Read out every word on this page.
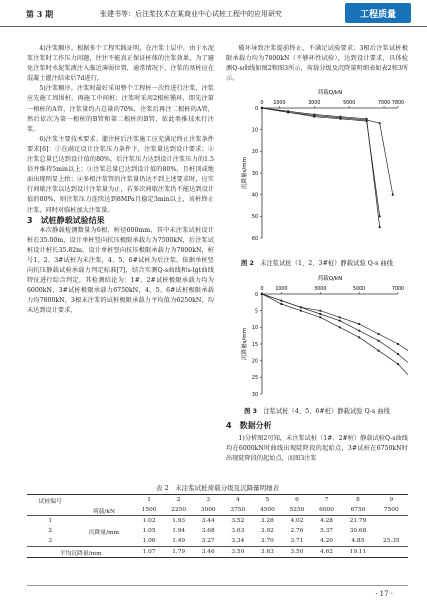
第 3 期	张建书等：后注浆技术在某商业中心试桩工程中的应用研究	工程质量

4)注浆顺序。根据多个工程实践证明，在注浆土层中，由于水泥浆注浆时工作压力问题，往往不能真正保证桩体的注浆效果，为了避免注浆时水泥浆液注入临近薄弱位置，通常情况下，注浆的基桩应在混凝土灌注结束后7d进行。

5)注浆顺序。注浆时最好采用整个工程桩一次性进行注浆，注浆应先施工周围桩，再施工中间桩；注浆时采用2根桩循环，即先注第一根桩的A管，注浆量约占总量的70%，注浆后再注二根桩的A管，然后依次为第一根桩的B管和第二根桩的B管，依此类推技术行注浆。

6)注浆主要技术要求。灌注桩后注浆施工应充满足终止注浆条件要求[6]：①在满足设计注浆压力条件下，注浆量达到设计要求；②注浆总量已达到设计值的80%，后注浆压力达到设计注浆压力的1.5倍并维持5min以上；③注浆总量已达到设计值的80%，且桩顶或地面出现明显上抬；④多根注浆管的注浆量仍达不到上述要求时，应实行间歇注浆以达到设计注浆量为止，若多次间歇注浆仍不能达到设计值的80%，则注浆压力连续达到8MPa且稳定3min以上，该桩终止注浆，同时对临桩加大注浆量。

3　试桩静载试验结果

本次静载检测数量为6根，桩径600mm，其中未注浆试桩设计桩长35.00m，设计单桩竖向抗压极限承载力为7500kN，后注浆试桩设计桩长35.82m，设计单桩竖向抗压极限承载力为7800kN，桩号1、2、3#试桩为未注浆，4、5、6#试桩为后注浆。依据单桩竖向抗压静载试验承载力判定标准[7]，结合实测Q-s曲线和s-lgt曲线特征进行综合判定，其检测结论为：1#、2#试桩极限承载力均为6000kN，3#试桩极限承载力6750kN，4、5、6#试桩极限承载力均7800kN，3根未注浆的试桩极限承载力平均值为6250kN，均未达到设计要求，

破坏导致注浆提前终止，不满足试验要求；3根后注浆试桩极限承载力均为7800kN（不够环性试验），达到设计要求，具体检测Q-s曲线如图2和图3所示，荷载分级及沉降量明细表如表2和3所示。

荷载Q/kN
0 1000	3000	5000	7000 7800
0
10
20
30
40
50
60
沉降量s/mm
图 2　 未注浆试桩（1、2、3#桩）静载试验 Q-s 曲线
荷载Q/kN
0 1000	3000	5000	7000
0
5
10
15
20
25
30
沉降量s/mm
图 3　 注浆试桩（4、5、6#桩）静载试验 Q-s 曲线
4　数据分析
1)分析图2可知，未注浆试桩（1#、2#桩）静载试验Q-s曲线均在6000kN时曲线出现陡降段的起始点，3#试桩在6750kN时出现陡降段的起始点，而图3注浆
表 2　未注浆试桩荷载分级及沉降量明细表
试桩编号		1	2	3	4	5	6	7	8	9
	荷载/kN	1500	2250	3000	3750	4500	5250	6000	6750	7500
1		1.02	1.93	3.44	3.52	3.28	4.02	4.28	21.79	
2	沉降量/mm	1.05	1.94	3.68	3.63	3.92	2.76	5.37	30.68	
3		1.06	1.49	3.27	3.34	3.70	3.71	4.20	4.85	25.35
平均沉降量/mm		1.07	1.79	3.46	3.50	3.63	3.50	4.62	19.11	
· 17 ·
